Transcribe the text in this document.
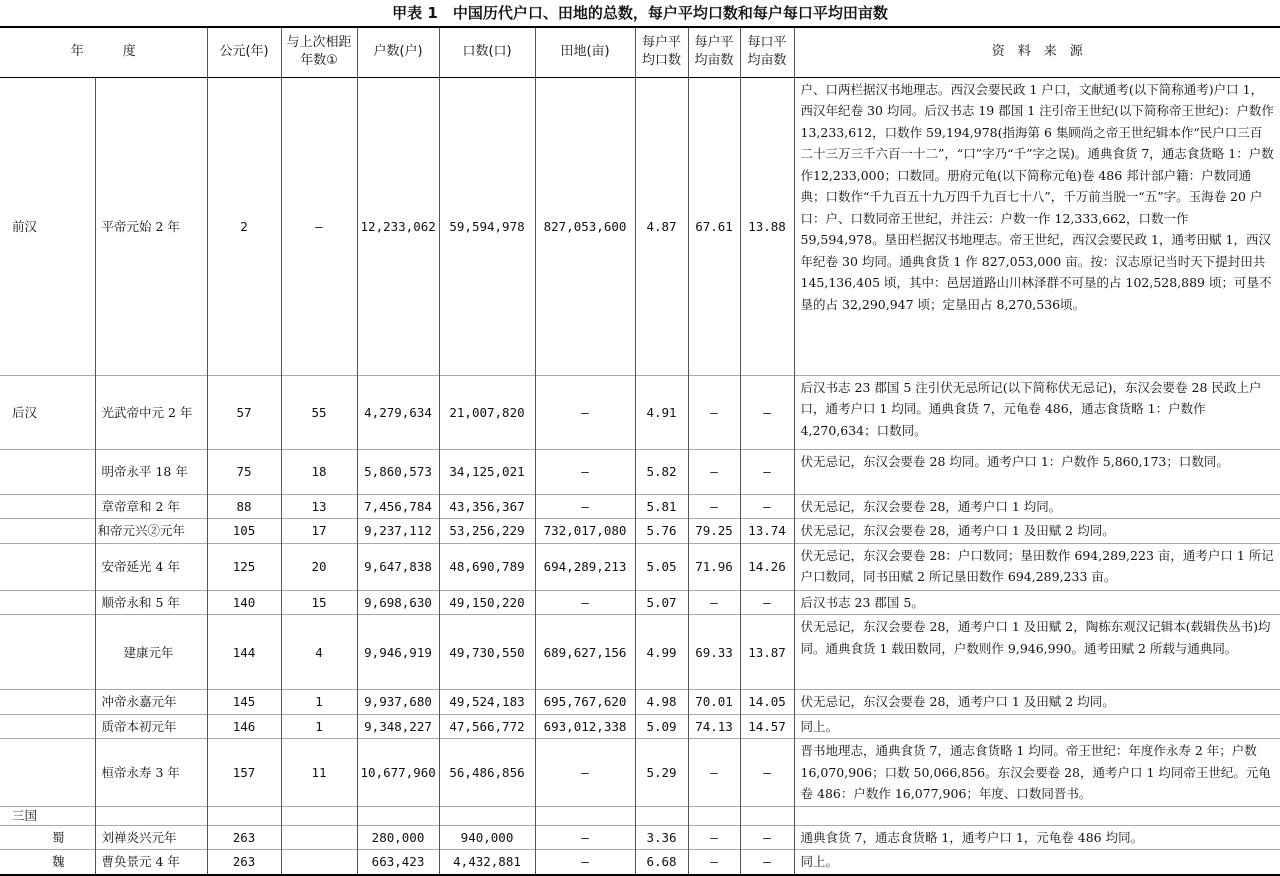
甲表 1　中国历代户口、田地的总数，每户平均口数和每户每口平均田亩数
年　　　度		公元(年)	与上次相距年数①	户数(户)	口数(口)	田地(亩)	每户平均口数	每户平均亩数	每口平均亩数	资　料　来　源
前汉	平帝元始 2 年	2	—	12,233,062	59,594,978	827,053,600	4.87	67.61	13.88	户、口两栏据汉书地理志。西汉会要民政 1 户口，文献通考(以下简称通考)户口 1，西汉年纪卷 30 均同。后汉书志 19 郡国 1 注引帝王世纪(以下简称帝王世纪)：户数作 13,233,612，口数作 59,194,978(指海第 6 集顾尚之帝王世纪辑本作“民户口三百二十三万三千六百一十二”，“口”字乃“千”字之误)。通典食货 7，通志食货略 1：户数作12,233,000；口数同。册府元龟(以下简称元龟)卷 486 邦计部户籍：户数同通典；口数作“千九百五十九万四千九百七十八”，千万前当脱一“五”字。玉海卷 20 户口：户、口数同帝王世纪，并注云：户数一作 12,333,662，口数一作 59,594,978。垦田栏据汉书地理志。帝王世纪，西汉会要民政 1，通考田赋 1，西汉年纪卷 30 均同。通典食货 1 作 827,053,000 亩。按：汉志原记当时天下提封田共 145,136,405 顷，其中：邑居道路山川林泽群不可垦的占 102,528,889 顷；可垦不垦的占 32,290,947 顷；定垦田占 8,270,536顷。
后汉	光武帝中元 2 年	57	55	4,279,634	21,007,820	—	4.91	—	—	后汉书志 23 郡国 5 注引伏无忌所记(以下简称伏无忌记)，东汉会要卷 28 民政上户口，通考户口 1 均同。通典食货 7，元龟卷 486，通志食货略 1：户数作 4,270,634；口数同。
	明帝永平 18 年	75	18	5,860,573	34,125,021	—	5.82	—	—	伏无忌记，东汉会要卷 28 均同。通考户口 1：户数作 5,860,173；口数同。
	章帝章和 2 年	88	13	7,456,784	43,356,367	—	5.81	—	—	伏无忌记，东汉会要卷 28，通考户口 1 均同。
	和帝元兴②元年	105	17	9,237,112	53,256,229	732,017,080	5.76	79.25	13.74	伏无忌记，东汉会要卷 28，通考户口 1 及田赋 2 均同。
	安帝延光 4 年	125	20	9,647,838	48,690,789	694,289,213	5.05	71.96	14.26	伏无忌记，东汉会要卷 28：户口数同；垦田数作 694,289,223 亩，通考户口 1 所记户口数同，同书田赋 2 所记垦田数作 694,289,233 亩。
	顺帝永和 5 年	140	15	9,698,630	49,150,220	—	5.07	—	—	后汉书志 23 郡国 5。
	建康元年	144	4	9,946,919	49,730,550	689,627,156	4.99	69.33	13.87	伏无忌记，东汉会要卷 28，通考户口 1 及田赋 2，陶栋东观汉记辑本(载辑佚丛书)均同。通典食货 1 载田数同，户数则作 9,946,990。通考田赋 2 所载与通典同。
	冲帝永嘉元年	145	1	9,937,680	49,524,183	695,767,620	4.98	70.01	14.05	伏无忌记，东汉会要卷 28，通考户口 1 及田赋 2 均同。
	质帝本初元年	146	1	9,348,227	47,566,772	693,012,338	5.09	74.13	14.57	同上。
	桓帝永寿 3 年	157	11	10,677,960	56,486,856	—	5.29	—	—	晋书地理志，通典食货 7，通志食货略 1 均同。帝王世纪：年度作永寿 2 年；户数16,070,906；口数 50,066,856。东汉会要卷 28，通考户口 1 均同帝王世纪。元龟卷 486：户数作 16,077,906；年度、口数同晋书。
三国										
蜀	刘禅炎兴元年	263		280,000	940,000	—	3.36	—	—	通典食货 7，通志食货略 1，通考户口 1，元龟卷 486 均同。
魏	曹奂景元 4 年	263		663,423	4,432,881	—	6.68	—	—	同上。
